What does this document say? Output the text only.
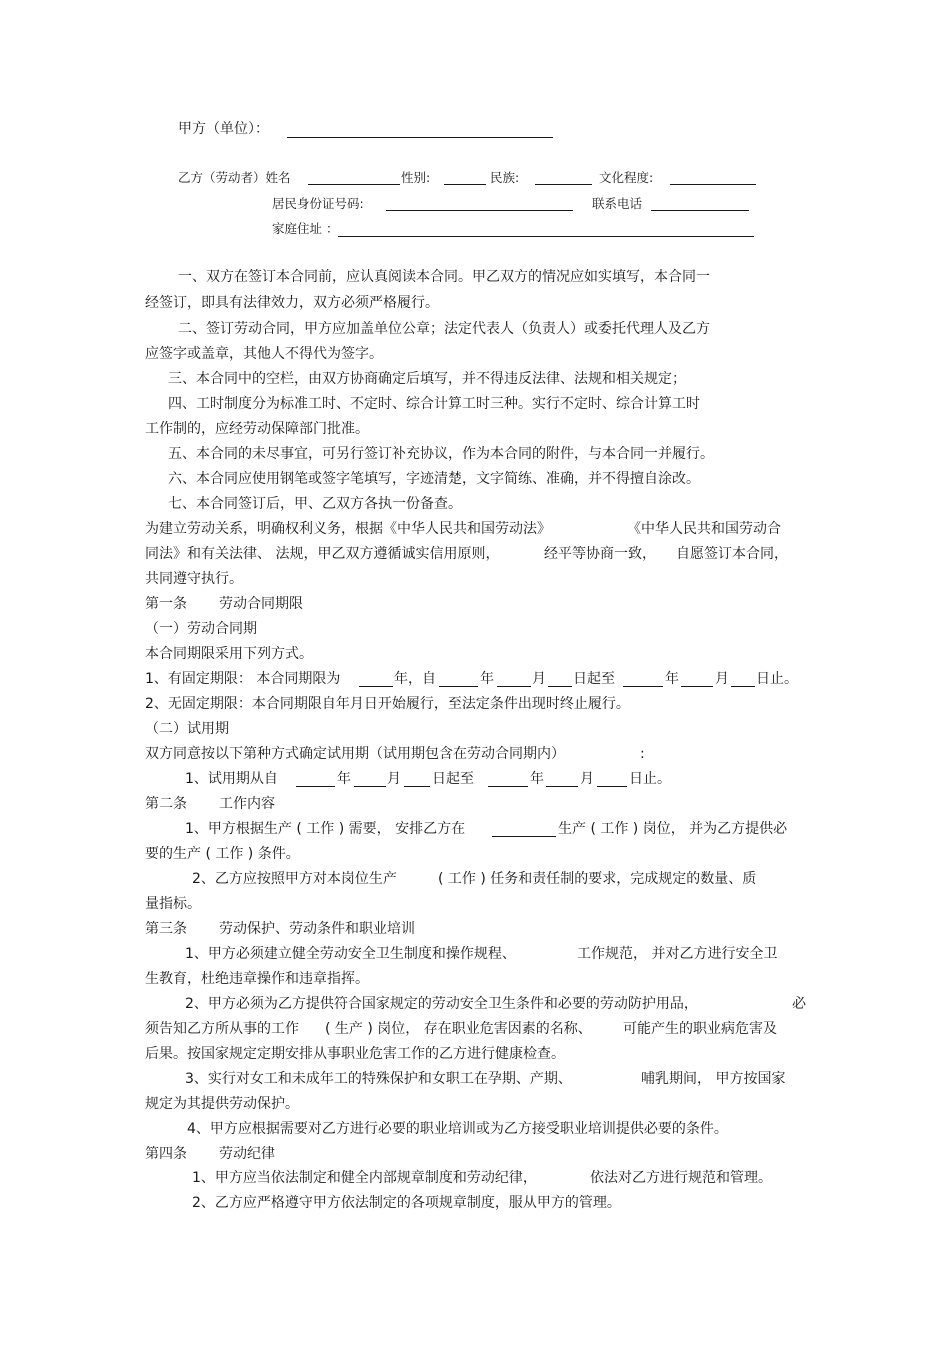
甲方（单位）：
乙方（劳动者）姓名	性别:	民族:	文化程度:
居民身份证号码:	联系电话
家庭住址 ：
一、双方在签订本合同前，应认真阅读本合同。甲乙双方的情况应如实填写，本合同一
经签订，即具有法律效力，双方必须严格履行。
二、签订劳动合同，甲方应加盖单位公章；法定代表人（负责人）或委托代理人及乙方
应签字或盖章，其他人不得代为签字。
三、本合同中的空栏，由双方协商确定后填写，并不得违反法律、法规和相关规定；
四、工时制度分为标准工时、不定时、综合计算工时三种。实行不定时、综合计算工时
工作制的，应经劳动保障部门批准。
五、本合同的未尽事宜，可另行签订补充协议，作为本合同的附件，与本合同一并履行。
六、本合同应使用钢笔或签字笔填写，字迹清楚，文字简练、准确，并不得擅自涂改。
七、本合同签订后，甲、乙双方各执一份备查。
为建立劳动关系，明确权利义务，根据《中华人民共和国劳动法》	《中华人民共和国劳动合
同法》和有关法律、 法规，甲乙双方遵循诚实信用原则，	经平等协商一致， 自愿签订本合同，
共同遵守执行。
第一条 劳动合同期限
（一）劳动合同期
本合同期限采用下列方式。
1、有固定期限： 本合同期限为	年，自	年	月 日起至	年	月 日止。
2、无固定期限：本合同期限自年月日开始履行，至法定条件出现时终止履行。
（二）试用期
双方同意按以下第种方式确定试用期（试用期包含在劳动合同期内）	:
1、试用期从自	年	月 日起至	年	月	日止。
第二条 工作内容
1、甲方根据生产 ( 工作 ) 需要， 安排乙方在	生产 ( 工作 ) 岗位， 并为乙方提供必
要的生产 ( 工作 ) 条件。
2、乙方应按照甲方对本岗位生产	( 工作 ) 任务和责任制的要求，完成规定的数量、质
量指标。
第三条 劳动保护、劳动条件和职业培训
1、甲方必须建立健全劳动安全卫生制度和操作规程、	工作规范， 并对乙方进行安全卫
生教育，杜绝违章操作和违章指挥。
2、甲方必须为乙方提供符合国家规定的劳动安全卫生条件和必要的劳动防护用品，	必
须告知乙方所从事的工作 ( 生产 ) 岗位， 存在职业危害因素的名称、 可能产生的职业病危害及
后果。按国家规定定期安排从事职业危害工作的乙方进行健康检查。
3、实行对女工和未成年工的特殊保护和女职工在孕期、产期、	哺乳期间， 甲方按国家
规定为其提供劳动保护。
4、甲方应根据需要对乙方进行必要的职业培训或为乙方接受职业培训提供必要的条件。
第四条 劳动纪律
1、甲方应当依法制定和健全内部规章制度和劳动纪律，	依法对乙方进行规范和管理。
2、乙方应严格遵守甲方依法制定的各项规章制度，服从甲方的管理。
